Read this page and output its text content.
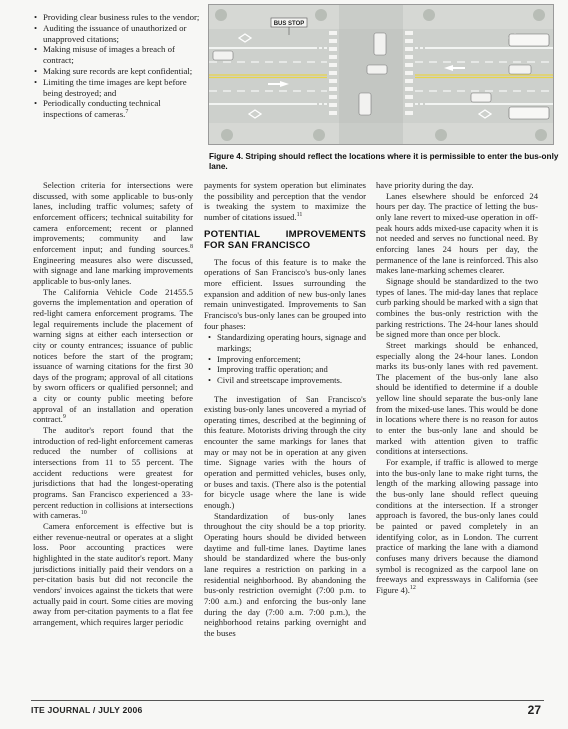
• Providing clear business rules to the vendor;
• Auditing the issuance of unauthorized or unapproved citations;
• Making misuse of images a breach of contract;
• Making sure records are kept confidential;
• Limiting the time images are kept before being destroyed; and
• Periodically conducting technical inspections of cameras.$^7$
BUS STOP
Figure 4. Striping should reflect the locations where it is permissible to enter the bus-only lane.

Selection criteria for intersections were discussed, with some applicable to bus-only lanes, including traffic volumes; safety of enforcement officers; technical suitability for camera enforcement; recent or planned improvements; community and law enforcement input; and funding sources.$^8$ Engineering measures also were discussed, with signage and lane marking improvements applicable to bus-only lanes.

The California Vehicle Code 21455.5 governs the implementation and operation of red-light camera enforcement programs. The legal requirements include the placement of warning signs at either each intersection or city or county entrances; issuance of public notices before the start of the program; issuance of warning citations for the first 30 days of the program; approval of all citations by sworn officers or qualified personnel; and a city or county public meeting before approval of an installation and operation contract.$^9$

The auditor's report found that the introduction of red-light enforcement cameras reduced the number of collisions at intersections from 11 to 55 percent. The accident reductions were greatest for jurisdictions that had the longest-operating programs. San Francisco experienced a 33-percent reduction in collisions at intersections with cameras.$^{10}$

Camera enforcement is effective but is either revenue-neutral or operates at a slight loss. Poor accounting practices were highlighted in the state auditor's report. Many jurisdictions initially paid their vendors on a per-citation basis but did not reconcile the vendors' invoices against the tickets that were actually paid in court. Some cities are moving away from per-citation payments to a flat fee arrangement, which requires larger periodic

payments for system operation but eliminates the possibility and perception that the vendor is tweaking the system to maximize the number of citations issued.$^{11}$

POTENTIAL IMPROVEMENTS FOR SAN FRANCISCO

The focus of this feature is to make the operations of San Francisco's bus-only lanes more efficient. Issues surrounding the expansion and addition of new bus-only lanes remain uninvestigated. Improvements to San Francisco's bus-only lanes can be grouped into four phases:

• Standardizing operating hours, signage and markings;
• Improving enforcement;
• Improving traffic operation; and
• Civil and streetscape improvements.

The investigation of San Francisco's existing bus-only lanes uncovered a myriad of operating times, described at the beginning of this feature. Motorists driving through the city encounter the same markings for lanes that may or may not be in operation at any given time. Signage varies with the hours of operation and permitted vehicles, buses only, or buses and taxis. (There also is the potential for bicycle usage where the lane is wide enough.)

Standardization of bus-only lanes throughout the city should be a top priority. Operating hours should be divided between daytime and full-time lanes. Daytime lanes should be standardized where the bus-only lane requires a restriction on parking in a residential neighborhood. By abandoning the bus-only restriction overnight (7:00 p.m. to 7:00 a.m.) and enforcing the bus-only lane during the day (7:00 a.m. 7:00 p.m.), the neighborhood retains parking overnight and the buses

have priority during the day.

Lanes elsewhere should be enforced 24 hours per day. The practice of letting the bus-only lane revert to mixed-use operation in off-peak hours adds mixed-use capacity when it is not needed and serves no functional need. By enforcing lanes 24 hours per day, the permanence of the lane is reinforced. This also makes lane-marking schemes clearer.

Signage should be standardized to the two types of lanes. The mid-day lanes that replace curb parking should be marked with a sign that combines the bus-only restriction with the parking restrictions. The 24-hour lanes should be signed more than once per block.

Street markings should be enhanced, especially along the 24-hour lanes. London marks its bus-only lanes with red pavement. The placement of the bus-only lane also should be identified to determine if a double yellow line should separate the bus-only lane from the mixed-use lanes. This would be done in locations where there is no reason for autos to enter the bus-only lane and should be marked with attention given to traffic conditions at intersections.

For example, if traffic is allowed to merge into the bus-only lane to make right turns, the length of the marking allowing passage into the bus-only lane should reflect queuing conditions at the intersection. If a stronger approach is favored, the bus-only lanes could be painted or paved completely in an identifying color, as in London. The current practice of marking the lane with a diamond confuses many drivers because the diamond symbol is recognized as the carpool lane on freeways and expressways in California (see Figure 4).$^{12}$

ITE JOURNAL / JULY 2006	27
